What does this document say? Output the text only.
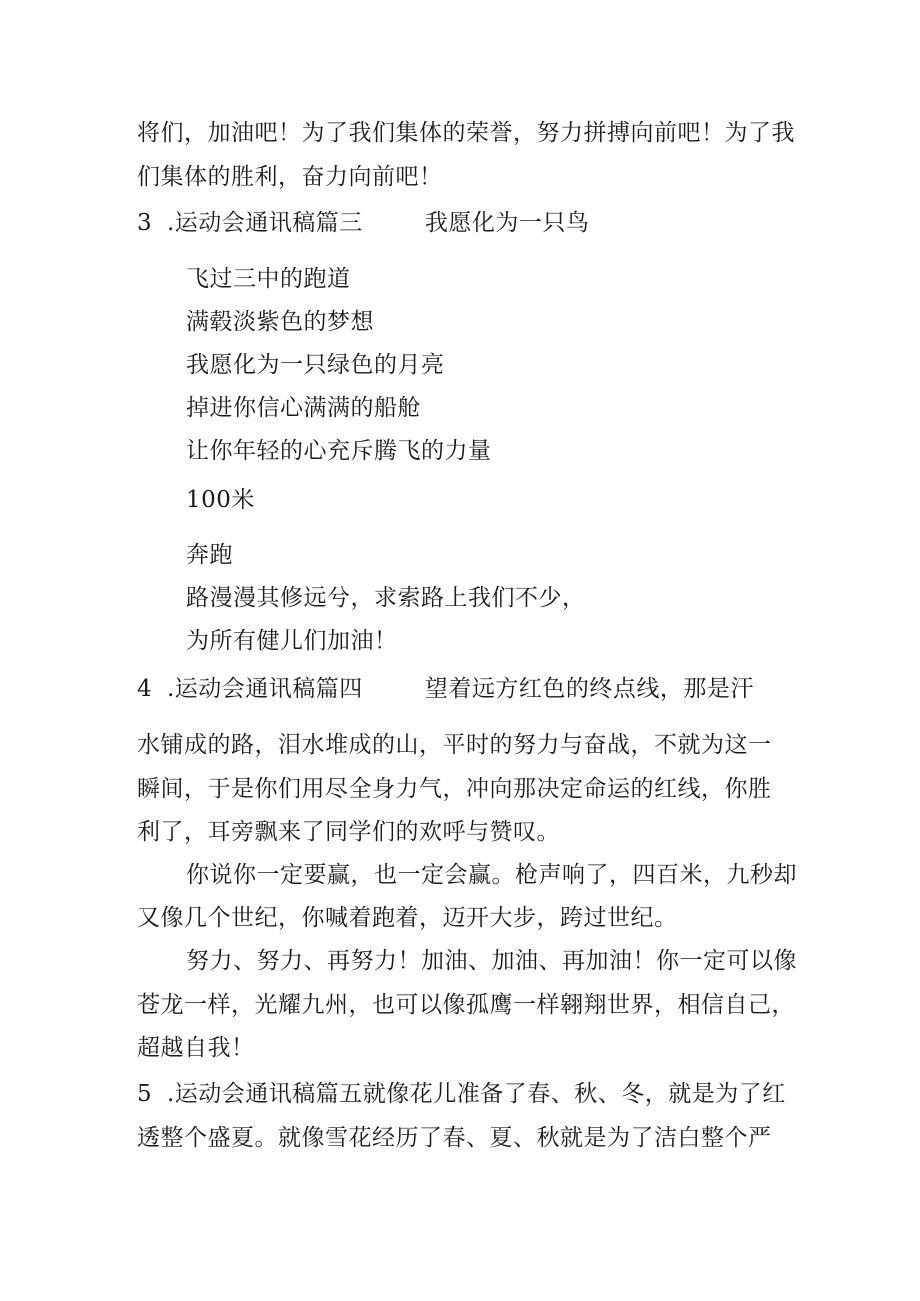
将们，加油吧！为了我们集体的荣誉，努力拼搏向前吧！为了我
们集体的胜利，奋力向前吧！
3 .运动会通讯稿篇三	我愿化为一只鸟
飞过三中的跑道
满毂淡紫色的梦想
我愿化为一只绿色的月亮
掉进你信心满满的船舱
让你年轻的心充斥腾飞的力量
100米
奔跑
路漫漫其修远兮，求索路上我们不少，
为所有健儿们加油！
4 .运动会通讯稿篇四	望着远方红色的终点线，那是汗
水铺成的路，泪水堆成的山，平时的努力与奋战，不就为这一
瞬间，于是你们用尽全身力气，冲向那决定命运的红线，你胜
利了，耳旁飘来了同学们的欢呼与赞叹。
你说你一定要赢，也一定会赢。枪声响了，四百米，九秒却
又像几个世纪，你喊着跑着，迈开大步，跨过世纪。
努力、努力、再努力！加油、加油、再加油！你一定可以像
苍龙一样，光耀九州，也可以像孤鹰一样翱翔世界，相信自己，
超越自我！
5 .运动会通讯稿篇五就像花儿准备了春、秋、冬，就是为了红
透整个盛夏。就像雪花经历了春、夏、秋就是为了洁白整个严
